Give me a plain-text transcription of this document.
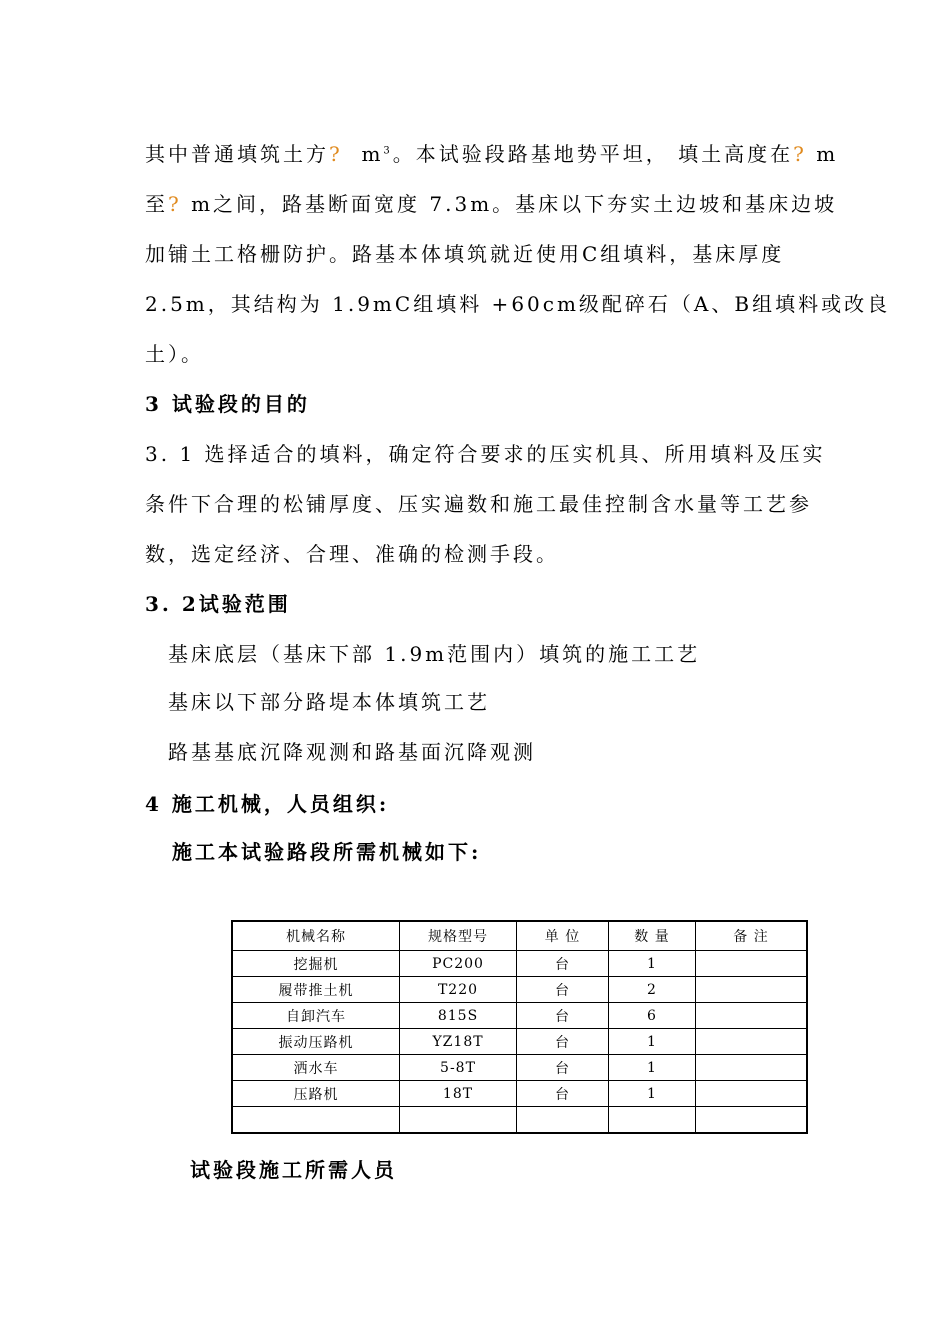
其中普通填筑土方? $m^3$。本试验段路基地势平坦， 填土高度在? m
至? m之间，路基断面宽度 7.3m。基床以下夯实土边坡和基床边坡
加铺土工格栅防护。路基本体填筑就近使用C组填料，基床厚度
2.5m，其结构为 1.9mC组填料 +60cm级配碎石（A、B组填料或改良
土）。
3 试验段的目的
3. 1 选择适合的填料，确定符合要求的压实机具、所用填料及压实
条件下合理的松铺厚度、压实遍数和施工最佳控制含水量等工艺参
数，选定经济、合理、准确的检测手段。
3. 2试验范围
基床底层（基床下部 1.9m范围内）填筑的施工工艺
基床以下部分路堤本体填筑工艺
路基基底沉降观测和路基面沉降观测
4 施工机械，人员组织:
施工本试验路段所需机械如下:
机械名称	规格型号	单 位	数 量	备 注
挖掘机	PC200	台	1	
履带推土机	T220	台	2	
自卸汽车	815S	台	6	
振动压路机	YZ18T	台	1	
洒水车	5-8T	台	1	
压路机	18T	台	1	

试验段施工所需人员
